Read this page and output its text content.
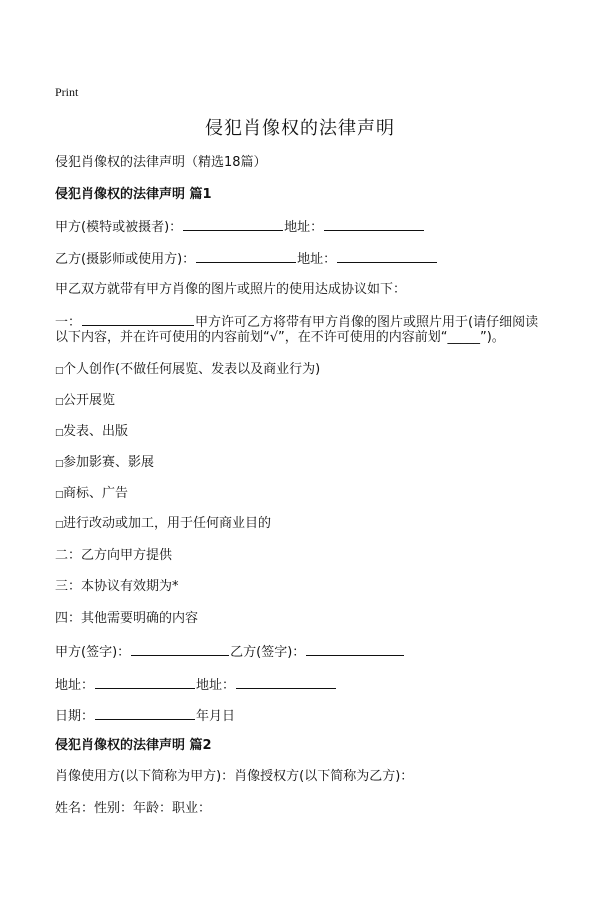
Print
侵犯肖像权的法律声明
侵犯肖像权的法律声明（精选18篇）
侵犯肖像权的法律声明 篇1
甲方(模特或被摄者)：	地址：
乙方(摄影师或使用方)：	地址：
甲乙双方就带有甲方肖像的图片或照片的使用达成协议如下：
一：	甲方许可乙方将带有甲方肖像的图片或照片用于(请仔细阅读
以下内容，并在许可使用的内容前划“√”，在不许可使用的内容前划“_____”)。
□个人创作(不做任何展览、发表以及商业行为)
□公开展览
□发表、出版
□参加影赛、影展
□商标、广告
□进行改动或加工，用于任何商业目的
二：乙方向甲方提供
三：本协议有效期为*
四：其他需要明确的内容
甲方(签字)：	乙方(签字)：
地址：	地址：
日期：	年月日
侵犯肖像权的法律声明 篇2
肖像使用方(以下简称为甲方)：肖像授权方(以下简称为乙方)：
姓名：性别：年龄：职业：
